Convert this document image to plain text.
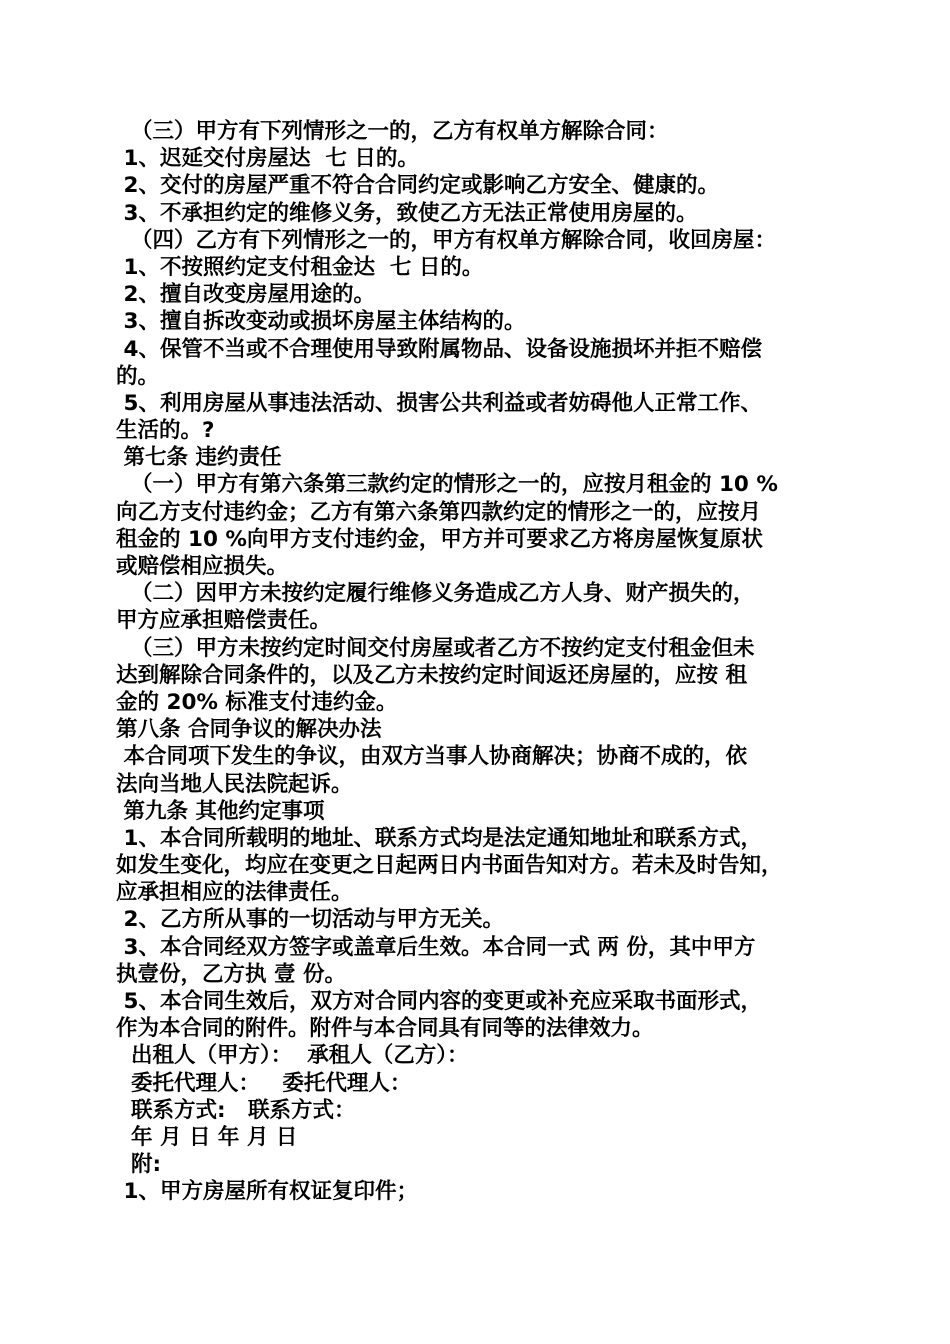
（三）甲方有下列情形之一的，乙方有权单方解除合同：
1、迟延交付房屋达  七 日的。
2、交付的房屋严重不符合合同约定或影响乙方安全、健康的。
3、不承担约定的维修义务，致使乙方无法正常使用房屋的。
（四）乙方有下列情形之一的，甲方有权单方解除合同，收回房屋：
1、不按照约定支付租金达  七 日的。
2、擅自改变房屋用途的。
3、擅自拆改变动或损坏房屋主体结构的。
4、保管不当或不合理使用导致附属物品、设备设施损坏并拒不赔偿
的。
5、利用房屋从事违法活动、损害公共利益或者妨碍他人正常工作、
生活的。?
第七条 违约责任
（一）甲方有第六条第三款约定的情形之一的，应按月租金的 10 %
向乙方支付违约金；乙方有第六条第四款约定的情形之一的，应按月
租金的 10 %向甲方支付违约金，甲方并可要求乙方将房屋恢复原状
或赔偿相应损失。
（二）因甲方未按约定履行维修义务造成乙方人身、财产损失的，
甲方应承担赔偿责任。
（三）甲方未按约定时间交付房屋或者乙方不按约定支付租金但未
达到解除合同条件的，以及乙方未按约定时间返还房屋的，应按 租
金的 20% 标准支付违约金。
第八条 合同争议的解决办法
本合同项下发生的争议，由双方当事人协商解决；协商不成的，依
法向当地人民法院起诉。
第九条 其他约定事项
1、本合同所载明的地址、联系方式均是法定通知地址和联系方式，
如发生变化，均应在变更之日起两日内书面告知对方。若未及时告知，
应承担相应的法律责任。
2、乙方所从事的一切活动与甲方无关。
3、本合同经双方签字或盖章后生效。本合同一式 两 份，其中甲方
执壹份，乙方执 壹 份。
5、本合同生效后，双方对合同内容的变更或补充应采取书面形式，
作为本合同的附件。附件与本合同具有同等的法律效力。
出租人（甲方）：  承租人（乙方）：
委托代理人：   委托代理人：
联系方式:   联系方式：
年 月 日 年 月 日
附:
1、甲方房屋所有权证复印件；
